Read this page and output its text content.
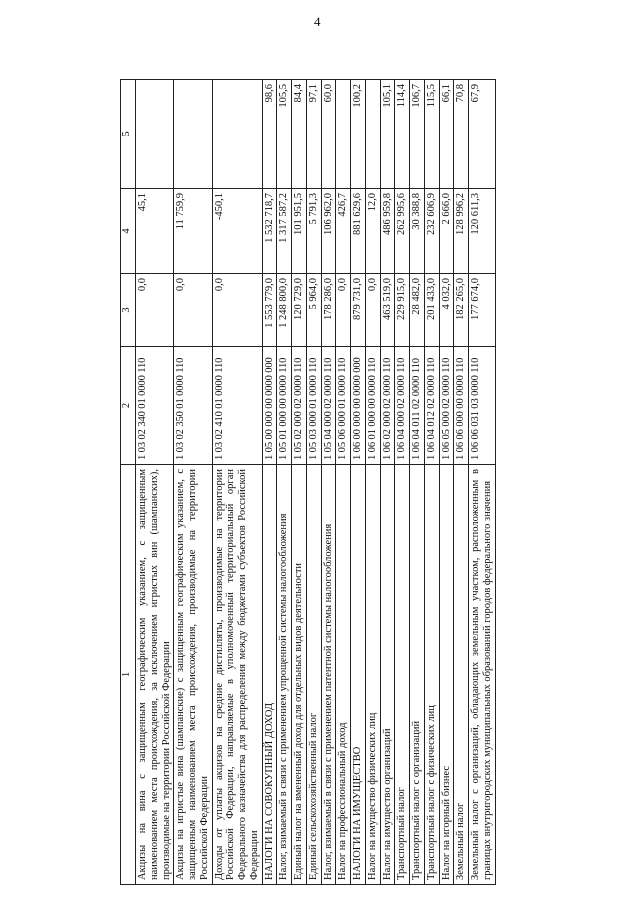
4
1	2	3	4	5
Акцизы на вина с защищенным географическим указанием, с защищенным наименованием места происхождения, за исключением игристых вин (шампанских), производимые на территории Российской Федерации	1 03 02 340 01 0000 110	0,0	45,1	
Акцизы на игристые вина (шампанские) с защищенным географическим указанием, с защищенным наименованием места происхождения, производимые на территории Российской Федерации	1 03 02 350 01 0000 110	0,0	11 759,9	
Доходы от уплаты акцизов на средние дистилляты, производимые на территории Российской Федерации, направляемые в уполномоченный территориальный орган Федерального казначейства для распределения между бюджетами субъектов Российской Федерации	1 03 02 410 01 0000 110	0,0	-450,1	
НАЛОГИ НА СОВОКУПНЫЙ ДОХОД	1 05 00 000 00 0000 000	1 553 779,0	1 532 718,7	98,6
Налог, взимаемый в связи с применением упрощенной системы налогообложения	1 05 01 000 00 0000 110	1 248 800,0	1 317 587,2	105,5
Единый налог на вмененный доход для отдельных видов деятельности	1 05 02 000 02 0000 110	120 729,0	101 951,5	84,4
Единый сельскохозяйственный налог	1 05 03 000 01 0000 110	5 964,0	5 791,3	97,1
Налог, взимаемый в связи с применением патентной системы налогообложения	1 05 04 000 02 0000 110	178 286,0	106 962,0	60,0
Налог на профессиональный доход	1 05 06 000 01 0000 110	0,0	426,7	
НАЛОГИ НА ИМУЩЕСТВО	1 06 00 000 00 0000 000	879 731,0	881 629,6	100,2
Налог на имущество физических лиц	1 06 01 000 00 0000 110	0,0	12,0	
Налог на имущество организаций	1 06 02 000 02 0000 110	463 519,0	486 959,8	105,1
Транспортный налог	1 06 04 000 02 0000 110	229 915,0	262 995,6	114,4
Транспортный налог с организаций	1 06 04 011 02 0000 110	28 482,0	30 388,8	106,7
Транспортный налог с физических лиц	1 06 04 012 02 0000 110	201 433,0	232 606,9	115,5
Налог на игорный бизнес	1 06 05 000 02 0000 110	4 032,0	2 666,0	66,1
Земельный налог	1 06 06 000 00 0000 110	182 265,0	128 996,2	70,8
Земельный налог с организаций, обладающих земельным участком, расположенным в границах внутригородских муниципальных образований городов федерального значения	1 06 06 031 03 0000 110	177 674,0	120 611,3	67,9
